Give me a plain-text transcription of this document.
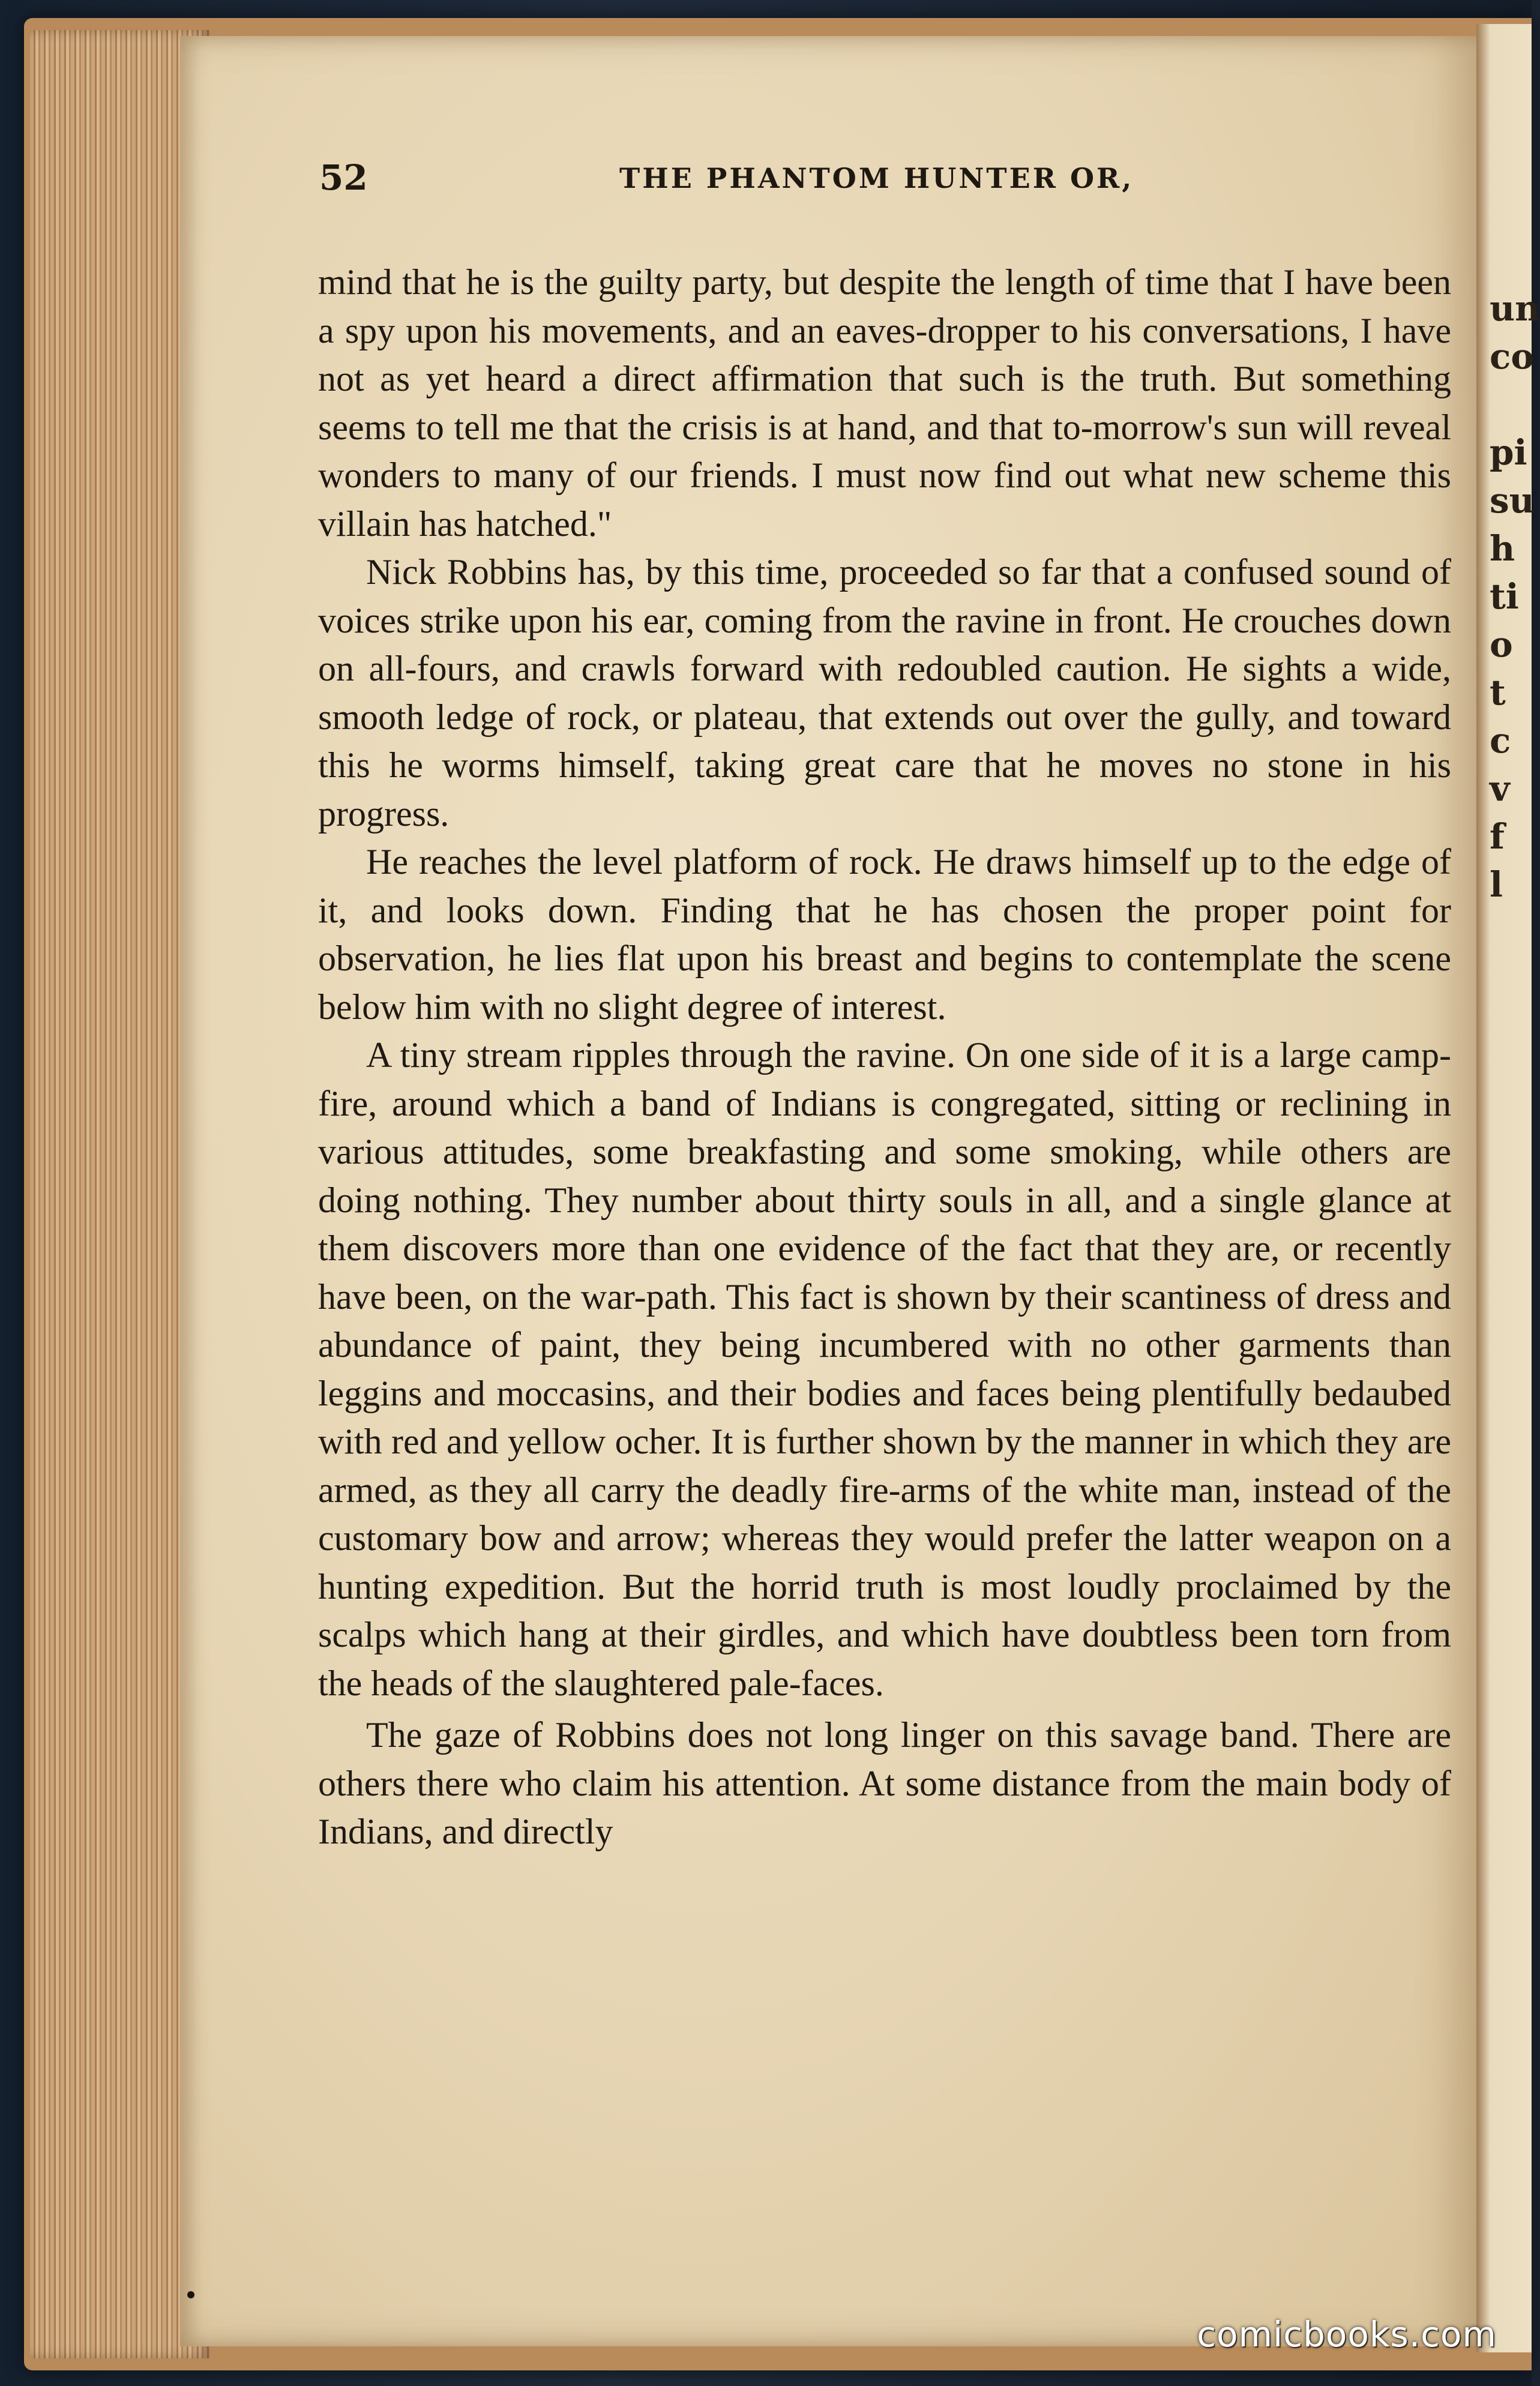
un
co
pi
su
h
ti
o
t
c
v
f
l
52	THE PHANTOM HUNTER OR,

mind that he is the guilty party, but despite the length of time that I have been a spy upon his movements, and an eaves-dropper to his conversations, I have not as yet heard a direct affirmation that such is the truth. But something seems to tell me that the crisis is at hand, and that to-morrow's sun will reveal wonders to many of our friends. I must now find out what new scheme this villain has hatched."

Nick Robbins has, by this time, proceeded so far that a confused sound of voices strike upon his ear, coming from the ravine in front. He crouches down on all-fours, and crawls forward with redoubled caution. He sights a wide, smooth ledge of rock, or plateau, that extends out over the gully, and toward this he worms himself, taking great care that he moves no stone in his progress.

He reaches the level platform of rock. He draws himself up to the edge of it, and looks down. Finding that he has chosen the proper point for observation, he lies flat upon his breast and begins to contemplate the scene below him with no slight degree of interest.

A tiny stream ripples through the ravine. On one side of it is a large camp-fire, around which a band of Indians is congregated, sitting or reclining in various attitudes, some breakfasting and some smoking, while others are doing nothing. They number about thirty souls in all, and a single glance at them discovers more than one evidence of the fact that they are, or recently have been, on the war-path. This fact is shown by their scantiness of dress and abundance of paint, they being incumbered with no other garments than leggins and moccasins, and their bodies and faces being plentifully bedaubed with red and yellow ocher. It is further shown by the manner in which they are armed, as they all carry the deadly fire-arms of the white man, instead of the customary bow and arrow; whereas they would prefer the latter weapon on a hunting expedition. But the horrid truth is most loudly proclaimed by the scalps which hang at their girdles, and which have doubtless been torn from the heads of the slaughtered pale-faces.

The gaze of Robbins does not long linger on this savage band. There are others there who claim his attention. At some distance from the main body of Indians, and directly

comicbooks.com
